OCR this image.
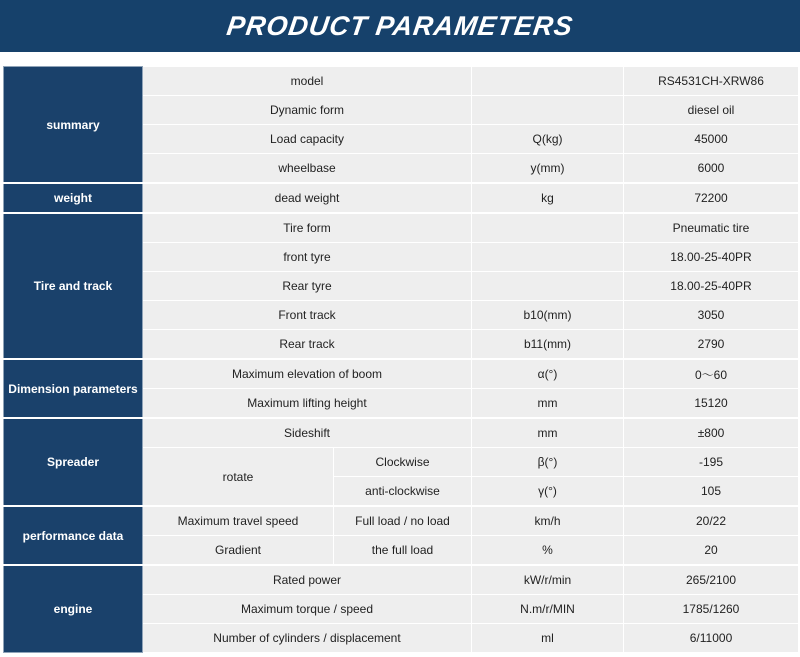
PRODUCT PARAMETERS
summary	model			RS4531CH-XRW86
	Dynamic form			diesel oil
	Load capacity		Q(kg)	45000
	wheelbase		y(mm)	6000
weight	dead weight		kg	72200
Tire and track	Tire form			Pneumatic tire
	front tyre			18.00-25-40PR
	Rear tyre			18.00-25-40PR
	Front track		b10(mm)	3050
	Rear track		b11(mm)	2790
Dimension parameters	Maximum elevation of boom		α(°)	0～60
	Maximum lifting height		mm	15120
Spreader	Sideshift		mm	±800
	rotate	Clockwise	β(°)	-195
		anti-clockwise	γ(°)	105
performance data	Maximum travel speed	Full load / no load	km/h	20/22
	Gradient	the full load	%	20
engine	Rated power		kW/r/min	265/2100
	Maximum torque / speed		N.m/r/MIN	1785/1260
	Number of cylinders / displacement		ml	6/11000
